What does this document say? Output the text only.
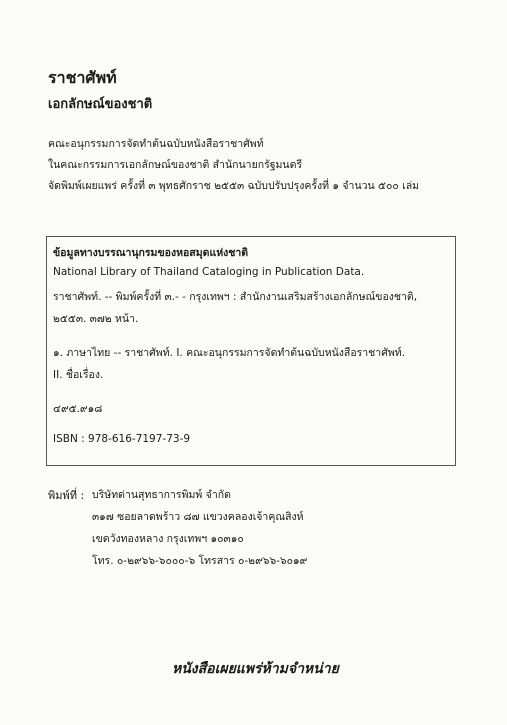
ราชาศัพท์
เอกลักษณ์ของชาติ
คณะอนุกรรมการจัดทำต้นฉบับหนังสือราชาศัพท์
ในคณะกรรมการเอกลักษณ์ของชาติ สำนักนายกรัฐมนตรี
จัดพิมพ์เผยแพร่ ครั้งที่ ๓ พุทธศักราช ๒๕๕๓ ฉบับปรับปรุงครั้งที่ ๑ จำนวน ๕๐๐ เล่ม
ข้อมูลทางบรรณานุกรมของหอสมุดแห่งชาติ
National Library of Thailand Cataloging in Publication Data.
ราชาศัพท์. -- พิมพ์ครั้งที่ ๓.- - กรุงเทพฯ : สำนักงานเสริมสร้างเอกลักษณ์ของชาติ,
๒๕๕๓. ๓๗๒ หน้า.
๑. ภาษาไทย -- ราชาศัพท์. I. คณะอนุกรรมการจัดทำต้นฉบับหนังสือราชาศัพท์.
II. ชื่อเรื่อง.
๔๙๕.๙๑๘
ISBN : 978-616-7197-73-9
พิมพ์ที่ : บริษัทด่านสุทธาการพิมพ์ จำกัด
๓๑๗ ซอยลาดพร้าว ๘๗ แขวงคลองเจ้าคุณสิงห์
เขตวังทองหลาง กรุงเทพฯ ๑๐๓๑๐
โทร. ๐-๒๙๖๖-๖๐๐๐-๖ โทรสาร ๐-๒๙๖๖-๖๐๑๙
หนังสือเผยแพร่ห้ามจำหน่าย
